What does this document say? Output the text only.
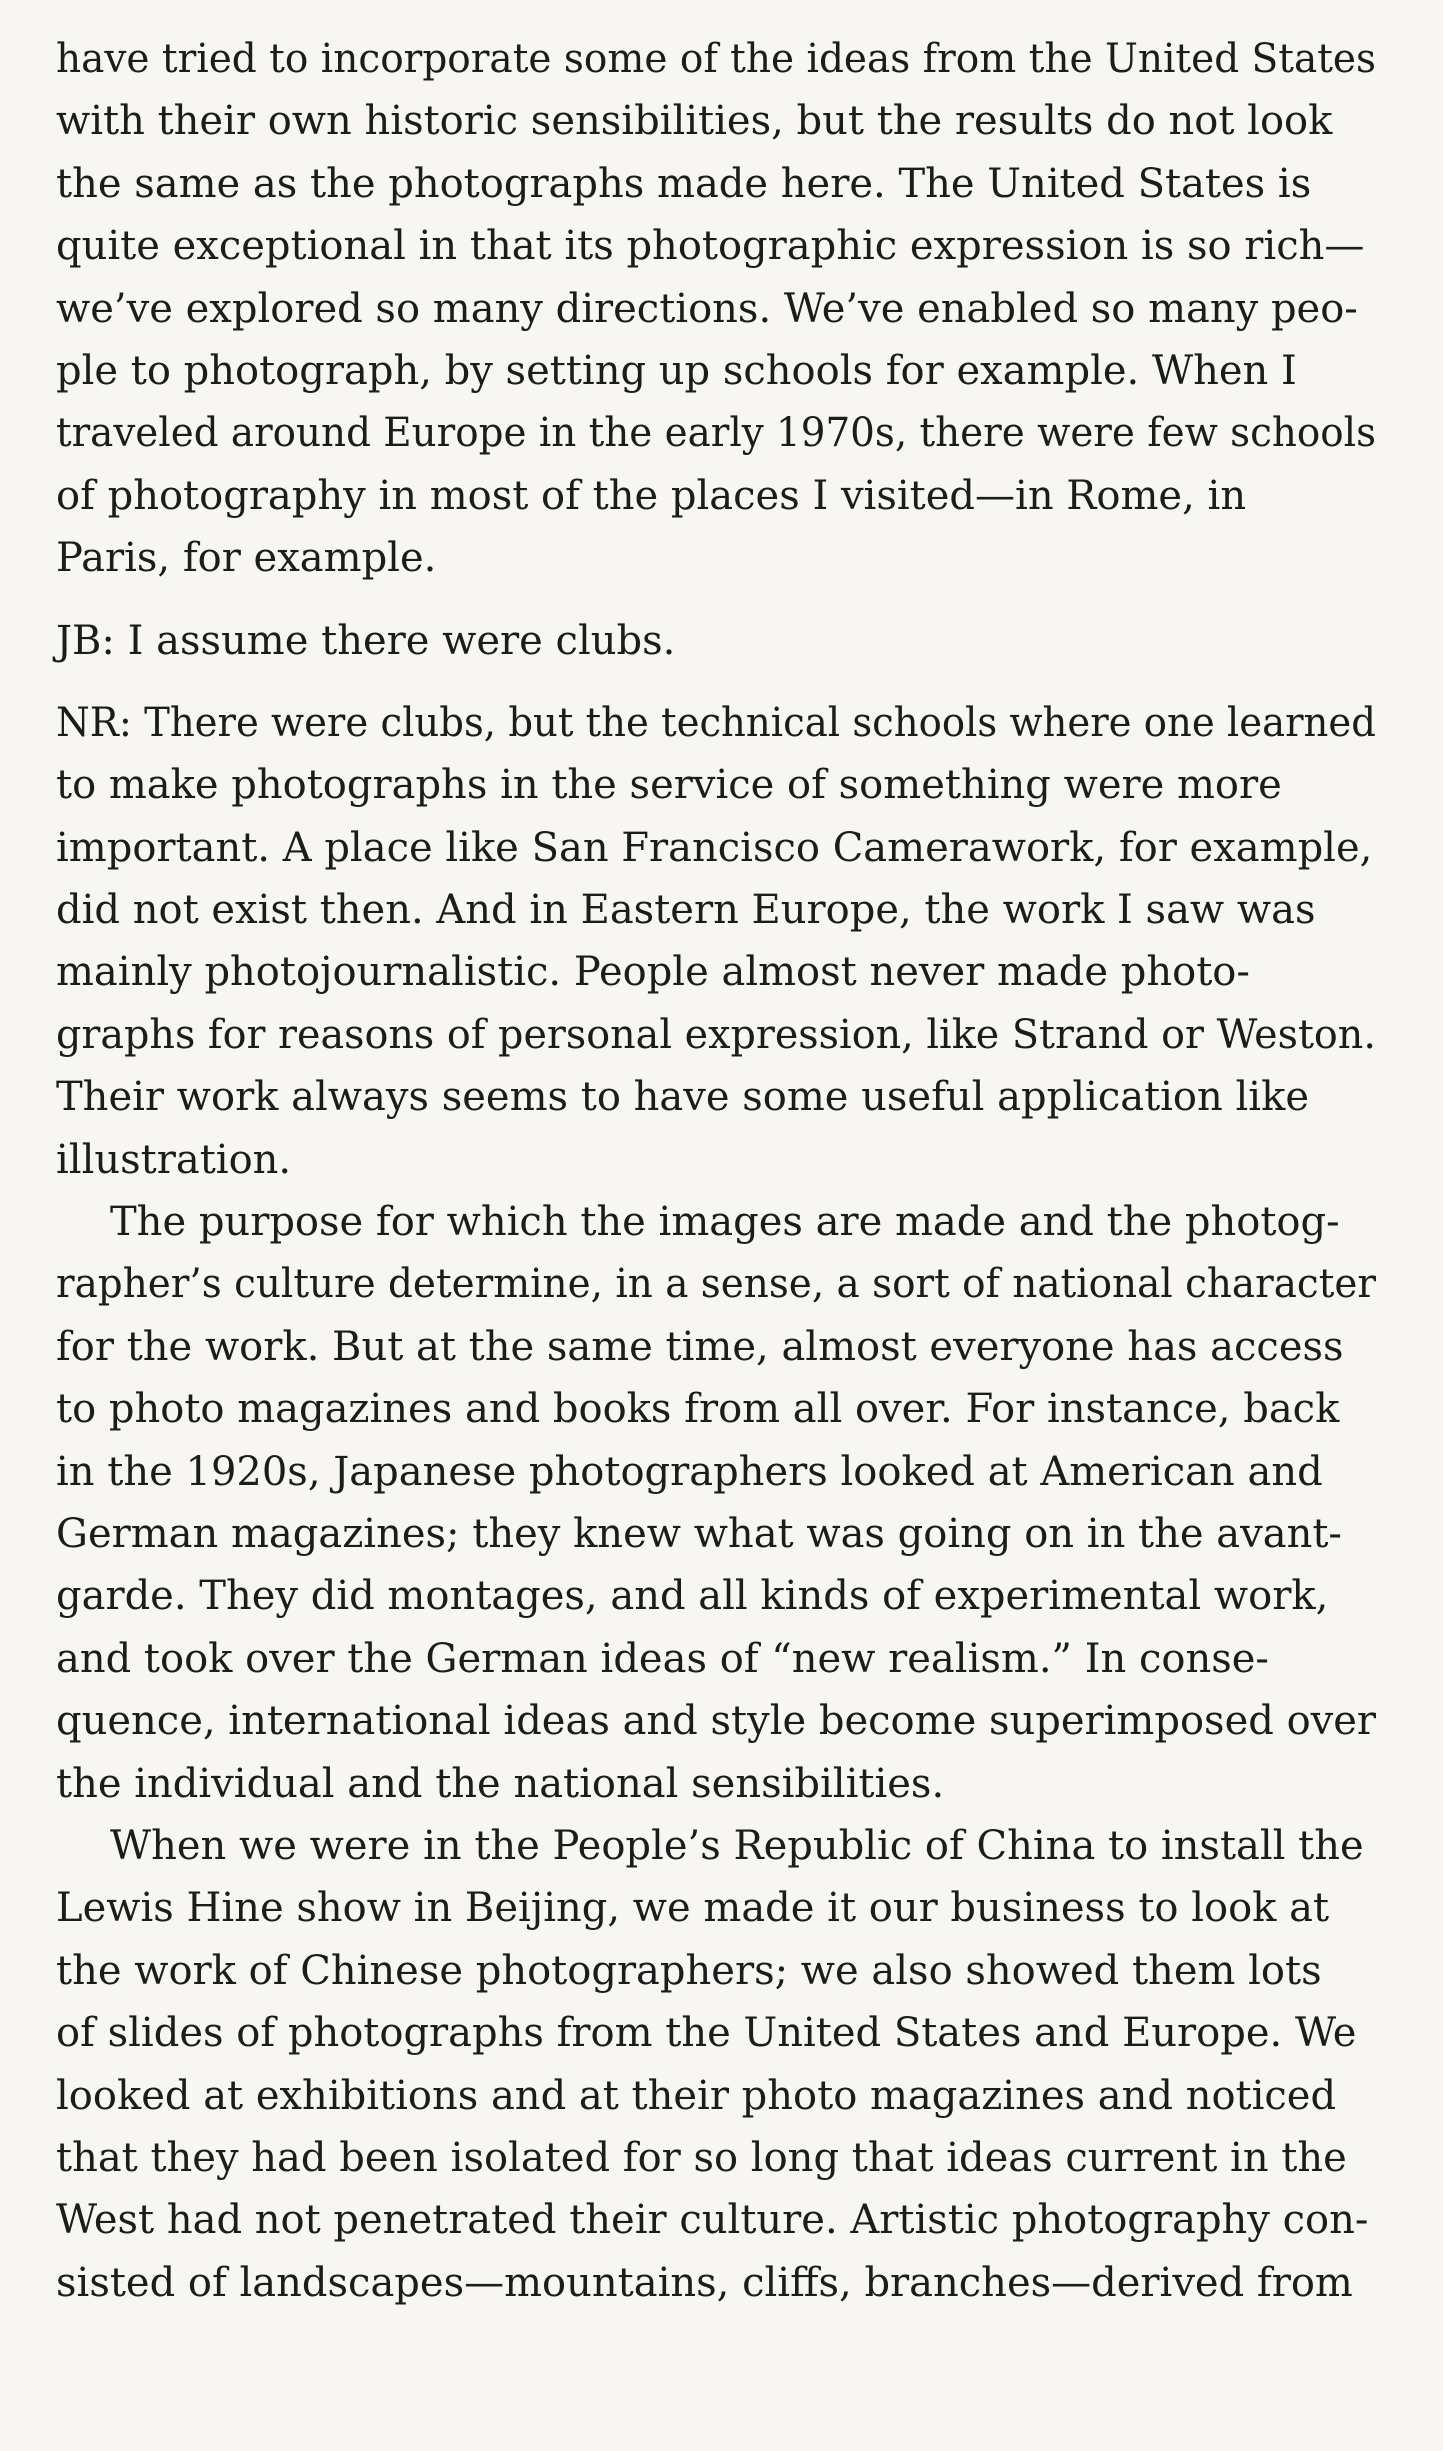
have tried to incorporate some of the ideas from the United States
with their own historic sensibilities, but the results do not look
the same as the photographs made here. The United States is
quite exceptional in that its photographic expression is so rich—
we’ve explored so many directions. We’ve enabled so many peo-
ple to photograph, by setting up schools for example. When I
traveled around Europe in the early 1970s, there were few schools
of photography in most of the places I visited—in Rome, in
Paris, for example.
JB: I assume there were clubs.
NR: There were clubs, but the technical schools where one learned
to make photographs in the service of something were more
important. A place like San Francisco Camerawork, for example,
did not exist then. And in Eastern Europe, the work I saw was
mainly photojournalistic. People almost never made photo-
graphs for reasons of personal expression, like Strand or Weston.
Their work always seems to have some useful application like
illustration.
The purpose for which the images are made and the photog-
rapher’s culture determine, in a sense, a sort of national character
for the work. But at the same time, almost everyone has access
to photo magazines and books from all over. For instance, back
in the 1920s, Japanese photographers looked at American and
German magazines; they knew what was going on in the avant-
garde. They did montages, and all kinds of experimental work,
and took over the German ideas of “new realism.” In conse-
quence, international ideas and style become superimposed over
the individual and the national sensibilities.
When we were in the People’s Republic of China to install the
Lewis Hine show in Beijing, we made it our business to look at
the work of Chinese photographers; we also showed them lots
of slides of photographs from the United States and Europe. We
looked at exhibitions and at their photo magazines and noticed
that they had been isolated for so long that ideas current in the
West had not penetrated their culture. Artistic photography con-
sisted of landscapes—mountains, cliffs, branches—derived from
